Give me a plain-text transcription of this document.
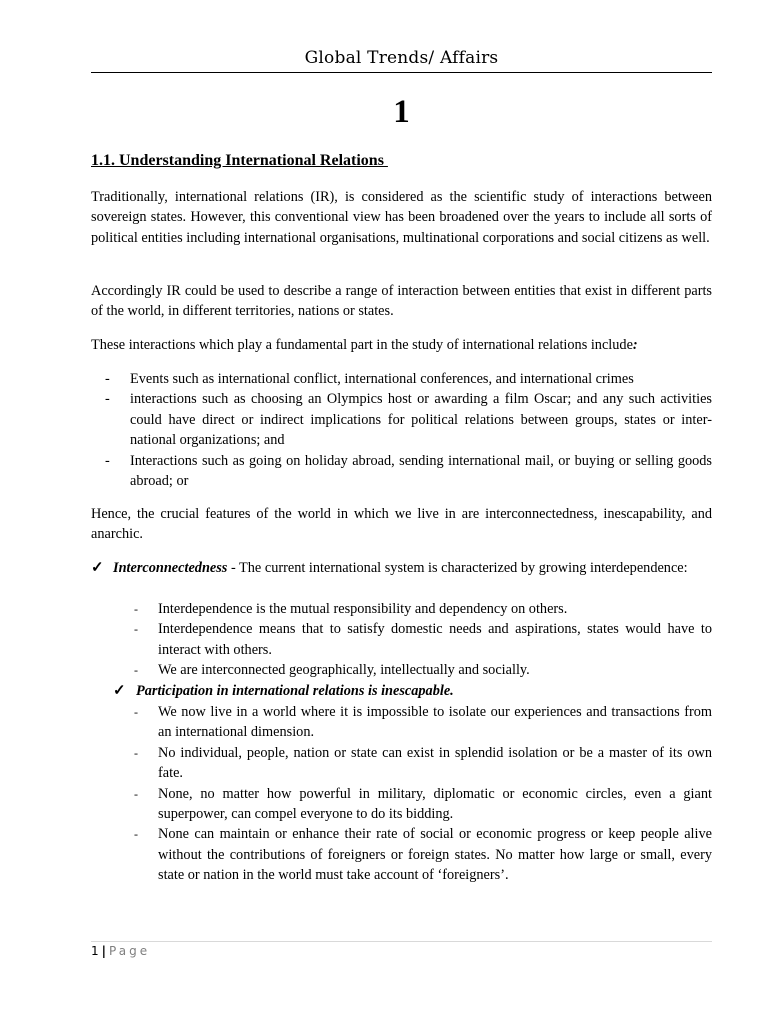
Global Trends/ Affairs
1
1.1. Understanding International Relations

Traditionally, international relations (IR), is considered as the scientific study of interactions between sovereign states. However, this conventional view has been broadened over the years to include all sorts of political entities including international organisations, multinational corporations and social citizens as well.

Accordingly IR could be used to describe a range of interaction between entities that exist in different parts of the world, in different territories, nations or states.

These interactions which play a fundamental part in the study of international relations include:

- Events such as international conflict, international conferences, and international crimes
- interactions such as choosing an Olympics host or awarding a film Oscar; and any such activities could have direct or indirect implications for political relations between groups, states or inter-national organizations; and
- Interactions such as going on holiday abroad, sending international mail, or buying or selling goods abroad; or

Hence, the crucial features of the world in which we live in are interconnectedness, inescapability, and anarchic.

✓ Interconnectedness - The current international system is characterized by growing interdependence:

- Interdependence is the mutual responsibility and dependency on others.
- Interdependence means that to satisfy domestic needs and aspirations, states would have to interact with others.
- We are interconnected geographically, intellectually and socially.
✓ Participation in international relations is inescapable.
- We now live in a world where it is impossible to isolate our experiences and transactions from an international dimension.
- No individual, people, nation or state can exist in splendid isolation or be a master of its own fate.
- None, no matter how powerful in military, diplomatic or economic circles, even a giant superpower, can compel everyone to do its bidding.
- None can maintain or enhance their rate of social or economic progress or keep people alive without the contributions of foreigners or foreign states. No matter how large or small, every state or nation in the world must take account of ‘foreigners’.
1 | Page
